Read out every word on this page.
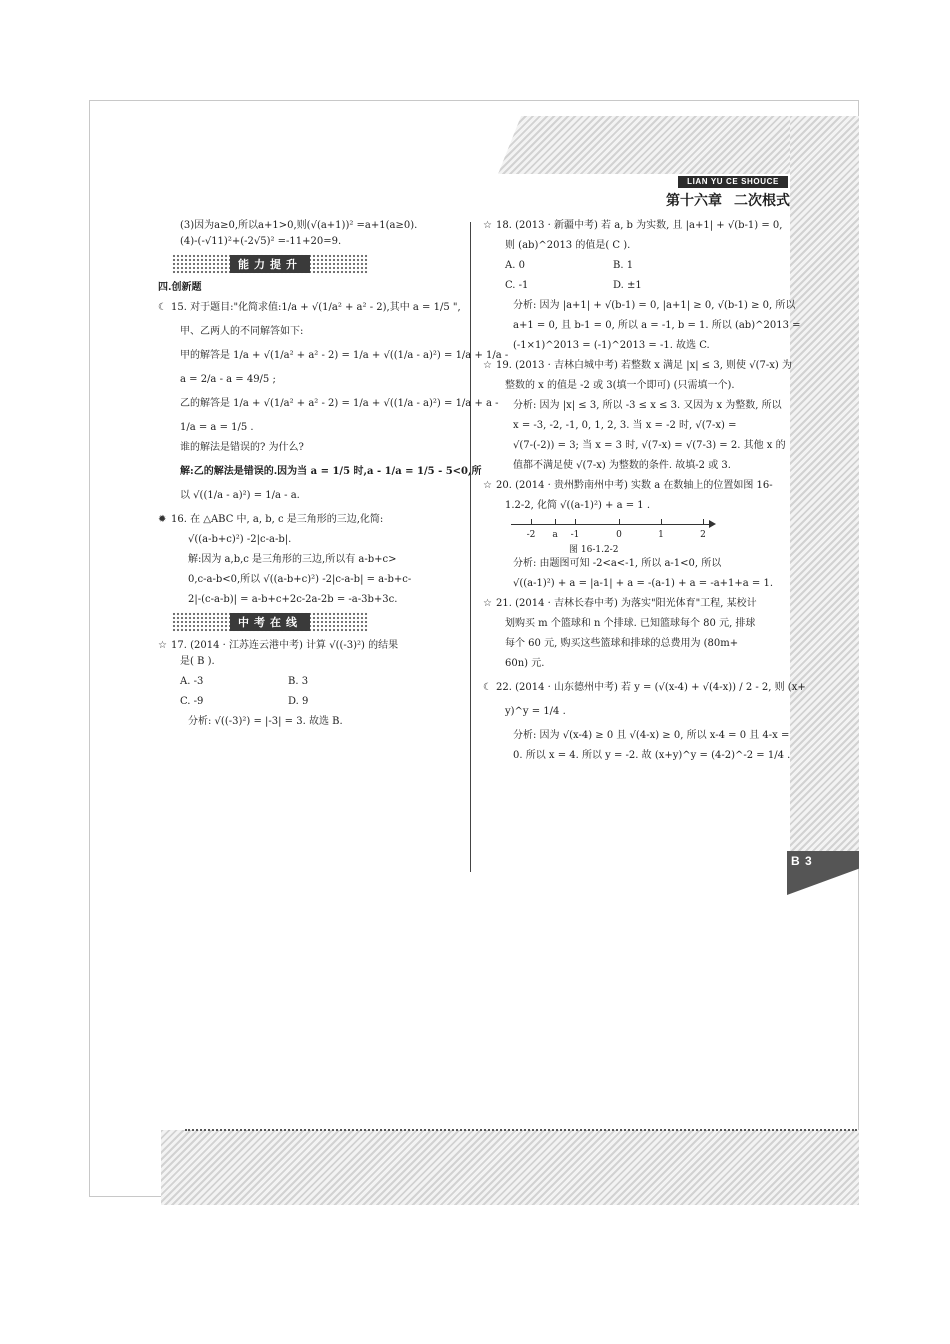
LIAN YU CE SHOUCE
第十六章 二次根式
(3)因为a≥0,所以a+1>0,则(√(a+1))² =a+1(a≥0).
(4)-(-√11)²+(-2√5)² =-11+20=9.
能力提升
四.创新题
☾ 15. 对于题目:"化简求值:1/a + √(1/a² + a² - 2),其中 a = 1/5 ",
甲、乙两人的不同解答如下:
甲的解答是 1/a + √(1/a² + a² - 2) = 1/a + √((1/a - a)²) = 1/a + 1/a -
a = 2/a - a = 49/5 ;
乙的解答是 1/a + √(1/a² + a² - 2) = 1/a + √((1/a - a)²) = 1/a + a -
1/a = a = 1/5 .
谁的解法是错误的? 为什么?
解:乙的解法是错误的.因为当 a = 1/5 时,a - 1/a = 1/5 - 5<0,所
以 √((1/a - a)²) = 1/a - a.
✹ 16. 在 △ABC 中, a, b, c 是三角形的三边,化简:
√((a-b+c)²) -2|c-a-b|.
解:因为 a,b,c 是三角形的三边,所以有 a-b+c>
0,c-a-b<0,所以 √((a-b+c)²) -2|c-a-b| = a-b+c-
2|-(c-a-b)| = a-b+c+2c-2a-2b = -a-3b+3c.
中考在线
☆ 17. (2014 · 江苏连云港中考) 计算 √((-3)²) 的结果
是( B ).
A. -3	B. 3
C. -9	D. 9
分析: √((-3)²) = |-3| = 3. 故选 B.
☆ 18. (2013 · 新疆中考) 若 a, b 为实数, 且 |a+1| + √(b-1) = 0,
则 (ab)^2013 的值是( C ).
A. 0	B. 1
C. -1	D. ±1
分析: 因为 |a+1| + √(b-1) = 0, |a+1| ≥ 0, √(b-1) ≥ 0, 所以
a+1 = 0, 且 b-1 = 0, 所以 a = -1, b = 1. 所以 (ab)^2013 =
(-1×1)^2013 = (-1)^2013 = -1. 故选 C.
☆ 19. (2013 · 吉林白城中考) 若整数 x 满足 |x| ≤ 3, 则使 √(7-x) 为
整数的 x 的值是 -2 或 3(填一个即可) (只需填一个).
分析: 因为 |x| ≤ 3, 所以 -3 ≤ x ≤ 3. 又因为 x 为整数, 所以
x = -3, -2, -1, 0, 1, 2, 3. 当 x = -2 时, √(7-x) =
√(7-(-2)) = 3; 当 x = 3 时, √(7-x) = √(7-3) = 2. 其他 x 的
值都不满足使 √(7-x) 为整数的条件. 故填-2 或 3.
☆ 20. (2014 · 贵州黔南州中考) 实数 a 在数轴上的位置如图 16-
1.2-2, 化简 √((a-1)²) + a = 1 .
-2	a	-1	0	1	2
图 16-1.2-2
分析: 由题图可知 -2<a<-1, 所以 a-1<0, 所以
√((a-1)²) + a = |a-1| + a = -(a-1) + a = -a+1+a = 1.
☆ 21. (2014 · 吉林长春中考) 为落实"阳光体育"工程, 某校计
划购买 m 个篮球和 n 个排球. 已知篮球每个 80 元, 排球
每个 60 元, 购买这些篮球和排球的总费用为 (80m+
60n) 元.
☾ 22. (2014 · 山东德州中考) 若 y = (√(x-4) + √(4-x)) / 2 - 2, 则 (x+
y)^y = 1/4 .
分析: 因为 √(x-4) ≥ 0 且 √(4-x) ≥ 0, 所以 x-4 = 0 且 4-x =
0. 所以 x = 4. 所以 y = -2. 故 (x+y)^y = (4-2)^-2 = 1/4 .
B 3
